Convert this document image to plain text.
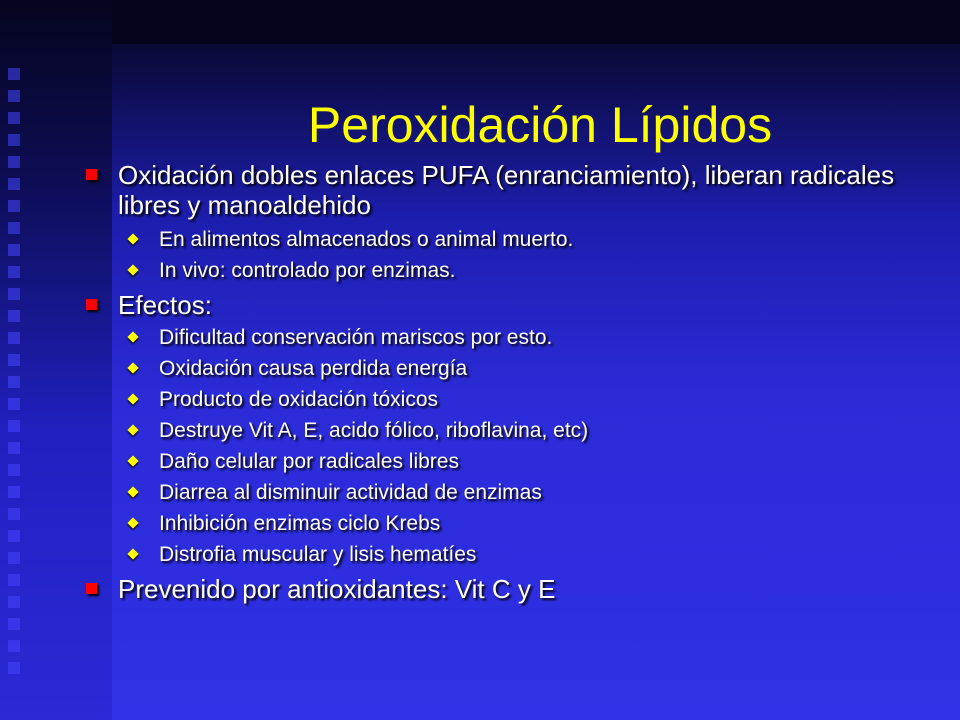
Peroxidación Lípidos
Oxidación dobles enlaces PUFA (enranciamiento), liberan radicales libres y manoaldehido
En alimentos almacenados o animal muerto.
In vivo: controlado por enzimas.
Efectos:
Dificultad conservación mariscos por esto.
Oxidación causa perdida energía
Producto de oxidación tóxicos
Destruye Vit A, E, acido fólico, riboflavina, etc)
Daño celular por radicales libres
Diarrea al disminuir actividad de enzimas
Inhibición enzimas ciclo Krebs
Distrofia muscular y lisis hematíes
Prevenido por antioxidantes: Vit C y E
